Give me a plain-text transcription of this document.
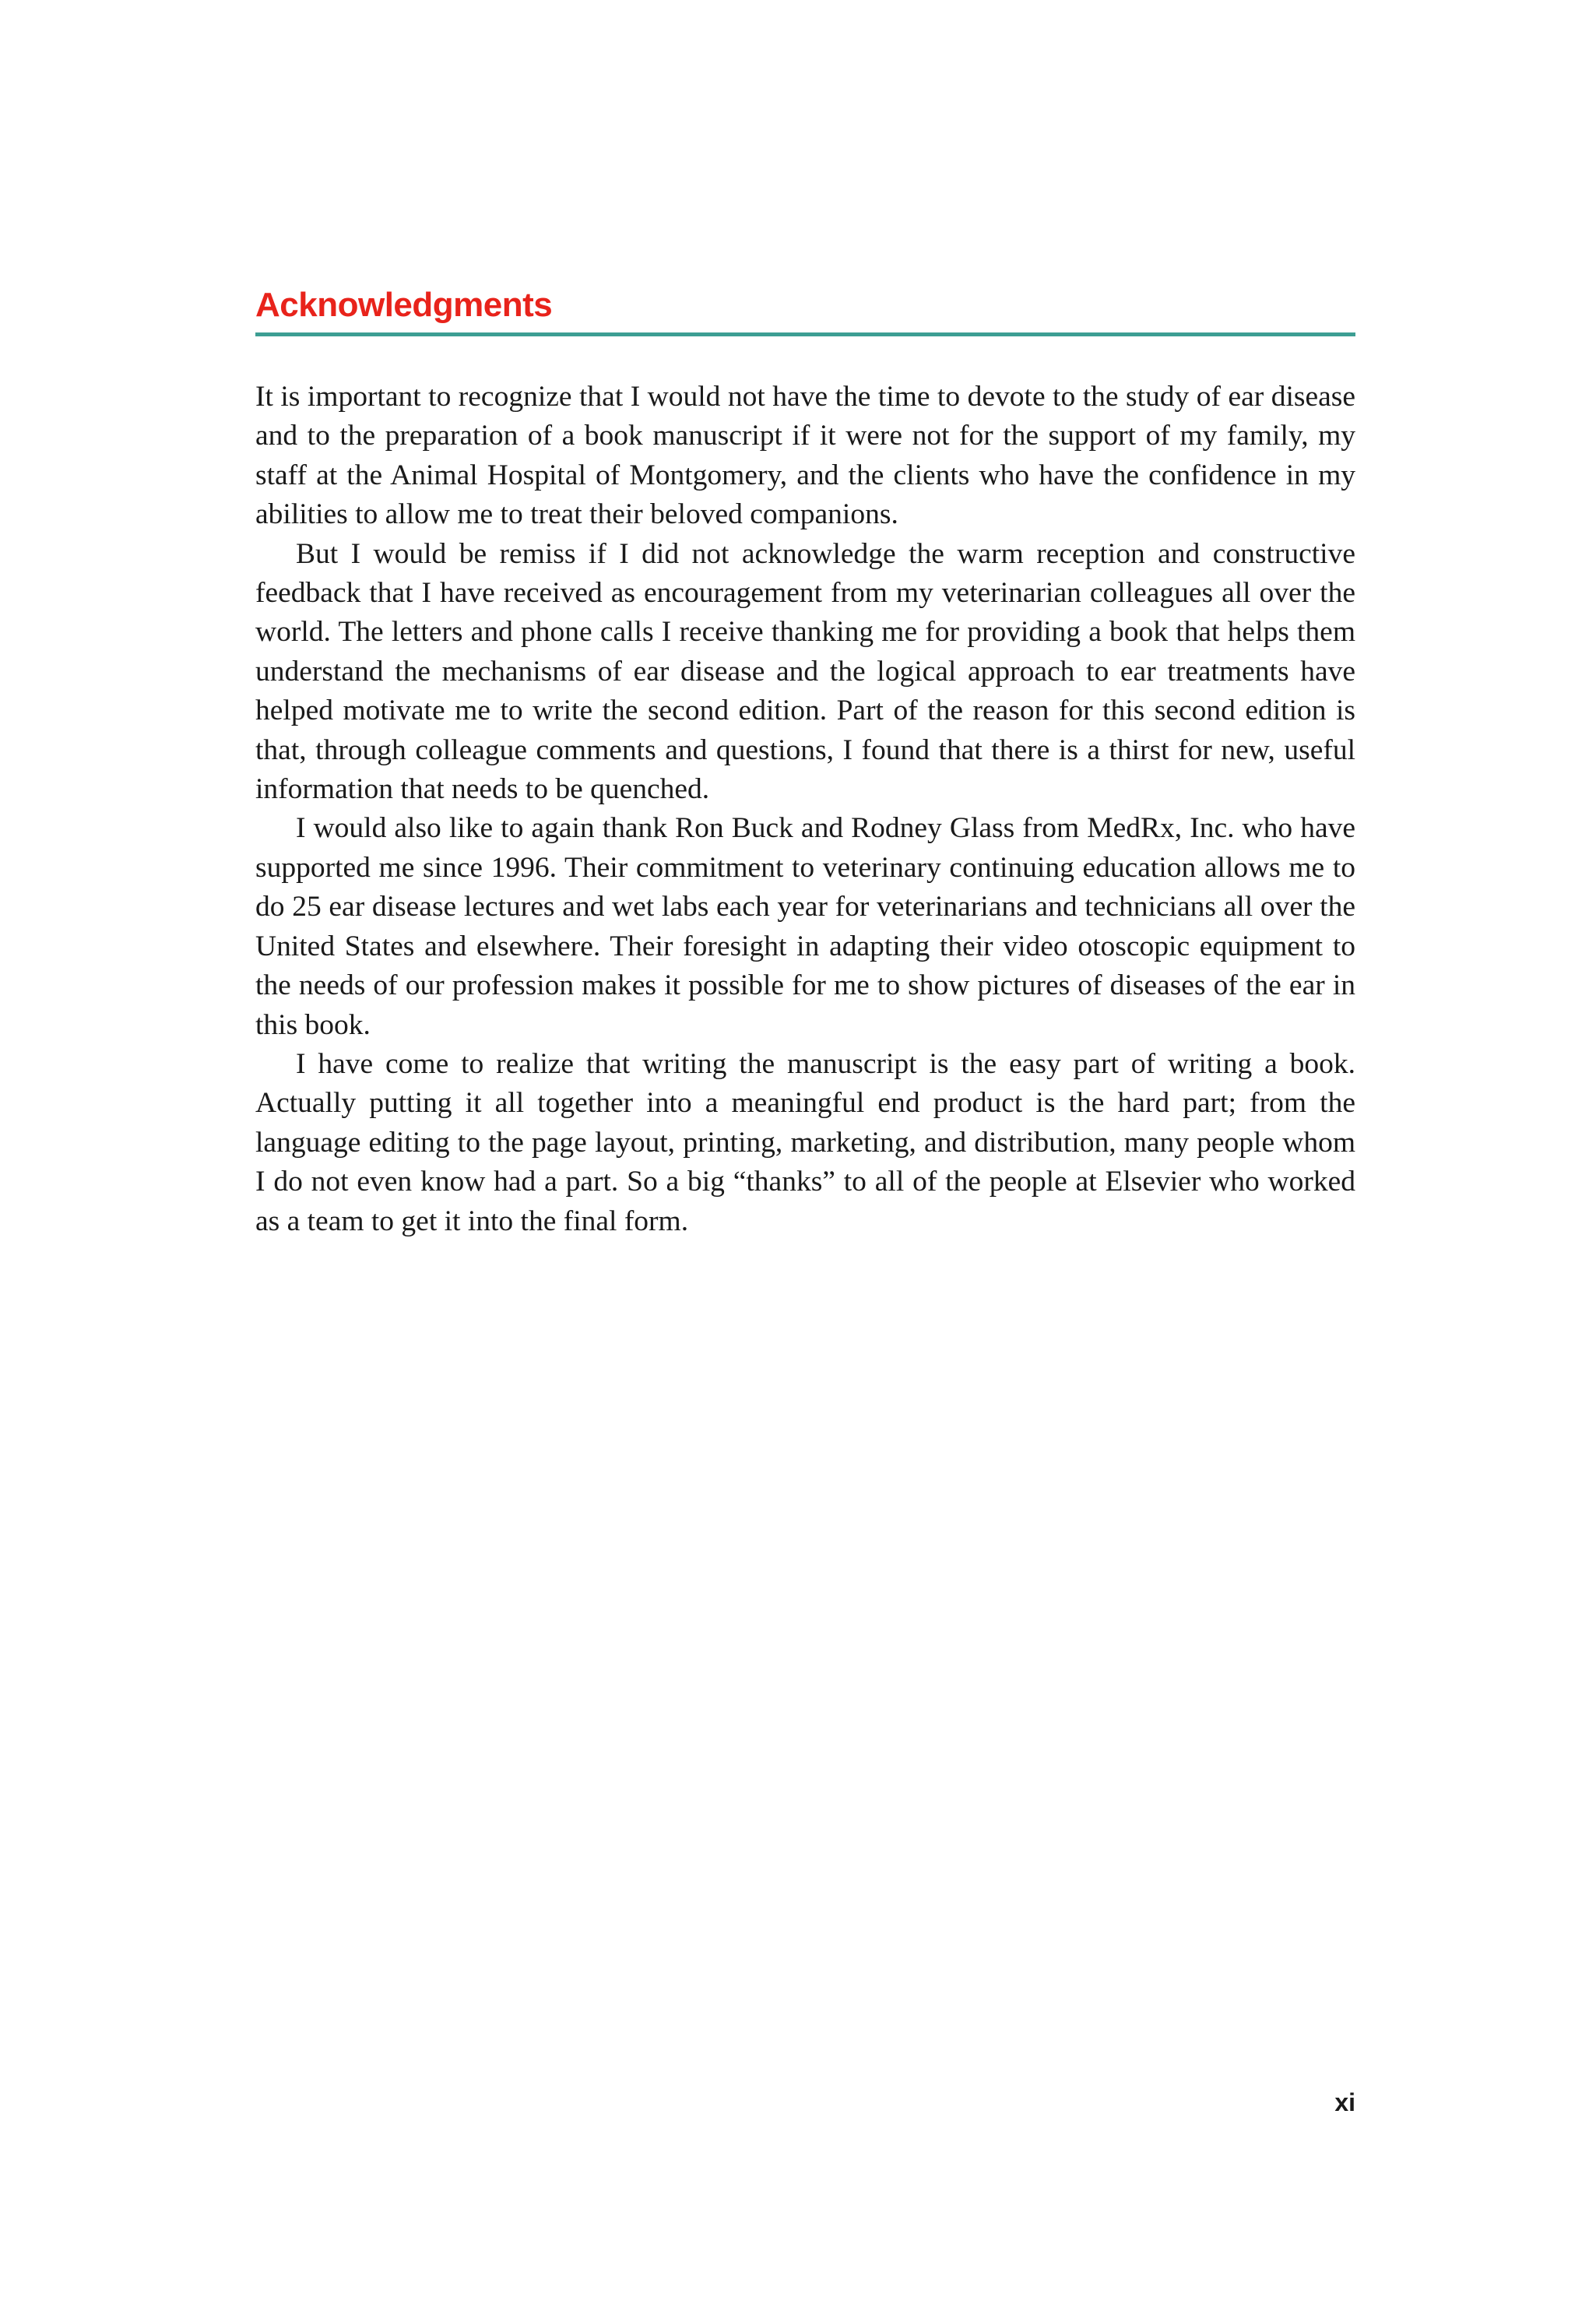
Acknowledgments

It is important to recognize that I would not have the time to devote to the study of ear disease and to the preparation of a book manuscript if it were not for the support of my family, my staff at the Animal Hospital of Montgomery, and the clients who have the confidence in my abilities to allow me to treat their beloved companions.

But I would be remiss if I did not acknowledge the warm reception and constructive feedback that I have received as encouragement from my veterinarian colleagues all over the world. The letters and phone calls I receive thanking me for providing a book that helps them understand the mechanisms of ear disease and the logical approach to ear treatments have helped motivate me to write the second edition. Part of the reason for this second edition is that, through colleague comments and questions, I found that there is a thirst for new, useful information that needs to be quenched.

I would also like to again thank Ron Buck and Rodney Glass from MedRx, Inc. who have supported me since 1996. Their commitment to veterinary continuing education allows me to do 25 ear disease lectures and wet labs each year for veterinarians and technicians all over the United States and elsewhere. Their foresight in adapting their video otoscopic equipment to the needs of our profession makes it possible for me to show pictures of diseases of the ear in this book.

I have come to realize that writing the manuscript is the easy part of writing a book. Actually putting it all together into a meaningful end product is the hard part; from the language editing to the page layout, printing, marketing, and distribution, many people whom I do not even know had a part. So a big “thanks” to all of the people at Elsevier who worked as a team to get it into the final form.

xi
